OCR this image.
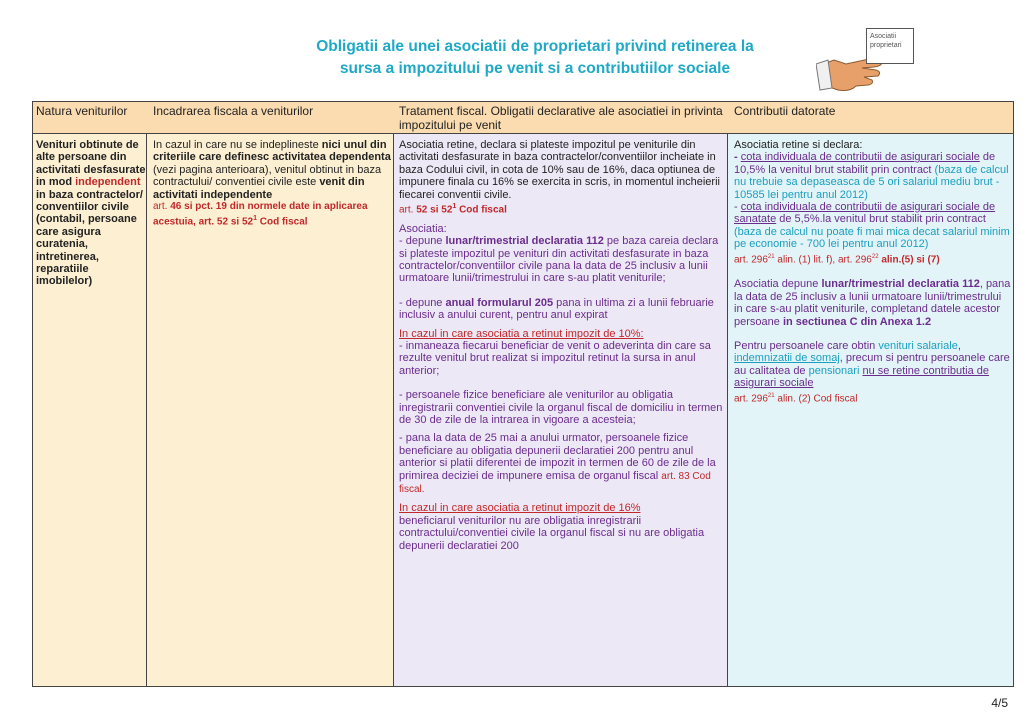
Obligatii ale unei asociatii de proprietari privind retinerea la
sursa a impozitului pe venit si a contributiilor sociale
Asociatii proprietari
Natura veniturilor	Incadrarea fiscala a veniturilor	Tratament fiscal. Obligatii declarative ale asociatiei in privinta impozitului pe venit
Contributii datorate
Venituri obtinute de alte persoane din activitati desfasurate in mod independent in baza contractelor/ conventiilor civile (contabil, persoane care asigura curatenia, intretinerea, reparatiile imobilelor)

In cazul in care nu se indeplineste nici unul din criteriile care definesc activitatea dependenta (vezi pagina anterioara), venitul obtinut in baza contractului/ conventiei civile este venit din activitati independente

art. 46 si pct. 19 din normele date in aplicarea acestuia, art. 52 si $52^1$ Cod fiscal

Asociatia retine, declara si plateste impozitul pe veniturile din activitati desfasurate in baza contractelor/conventiilor incheiate in baza Codului civil, in cota de 10% sau de 16%, daca optiunea de impunere finala cu 16% se exercita in scris, in momentul incheierii fiecarei conventii civile.

art. 52 si $52^1$ Cod fiscal

Asociatia:

- depune lunar/trimestrial declaratia 112 pe baza careia declara si plateste impozitul pe venituri din activitati desfasurate in baza contractelor/conventiilor civile pana la data de 25 inclusiv a lunii urmatoare lunii/trimestrului in care s-au platit veniturile;

- depune anual formularul 205 pana in ultima zi a lunii februarie inclusiv a anului curent, pentru anul expirat

In cazul in care asociatia a retinut impozit de 10%:

- inmaneaza fiecarui beneficiar de venit o adeverinta din care sa rezulte venitul brut realizat si impozitul retinut la sursa in anul anterior;

- persoanele fizice beneficiare ale veniturilor au obligatia inregistrarii conventiei civile la organul fiscal de domiciliu in termen de 30 de zile de la intrarea in vigoare a acesteia;

- pana la data de 25 mai a anului urmator, persoanele fizice beneficiare au obligatia depunerii declaratiei 200 pentru anul anterior si platii diferentei de impozit in termen de 60 de zile de la primirea deciziei de impunere emisa de organul fiscal art. 83 Cod fiscal.

In cazul in care asociatia a retinut impozit de 16%

beneficiarul veniturilor nu are obligatia inregistrarii contractului/conventiei civile la organul fiscal si nu are obligatia depunerii declaratiei 200

Asociatia retine si declara:

- cota individuala de contributii de asigurari sociale de 10,5% la venitul brut stabilit prin contract (baza de calcul nu trebuie sa depaseasca de 5 ori salariul mediu brut - 10585 lei pentru anul 2012)

- cota individuala de contributii de asigurari sociale de sanatate de 5,5%.la venitul brut stabilit prin contract (baza de calcul nu poate fi mai mica decat salariul minim pe economie - 700 lei pentru anul 2012)

art. $296^{21}$ alin. (1) lit. f), art. $296^{22}$ alin.(5) si (7)

Asociatia depune lunar/trimestrial declaratia 112, pana la data de 25 inclusiv a lunii urmatoare lunii/trimestrului in care s-au platit veniturile, completand datele acestor persoane in sectiunea C din Anexa 1.2

Pentru persoanele care obtin venituri salariale, indemnizatii de somaj, precum si pentru persoanele care au calitatea de pensionari nu se retine contributia de asigurari sociale

art. $296^{21}$ alin. (2) Cod fiscal

4/5
